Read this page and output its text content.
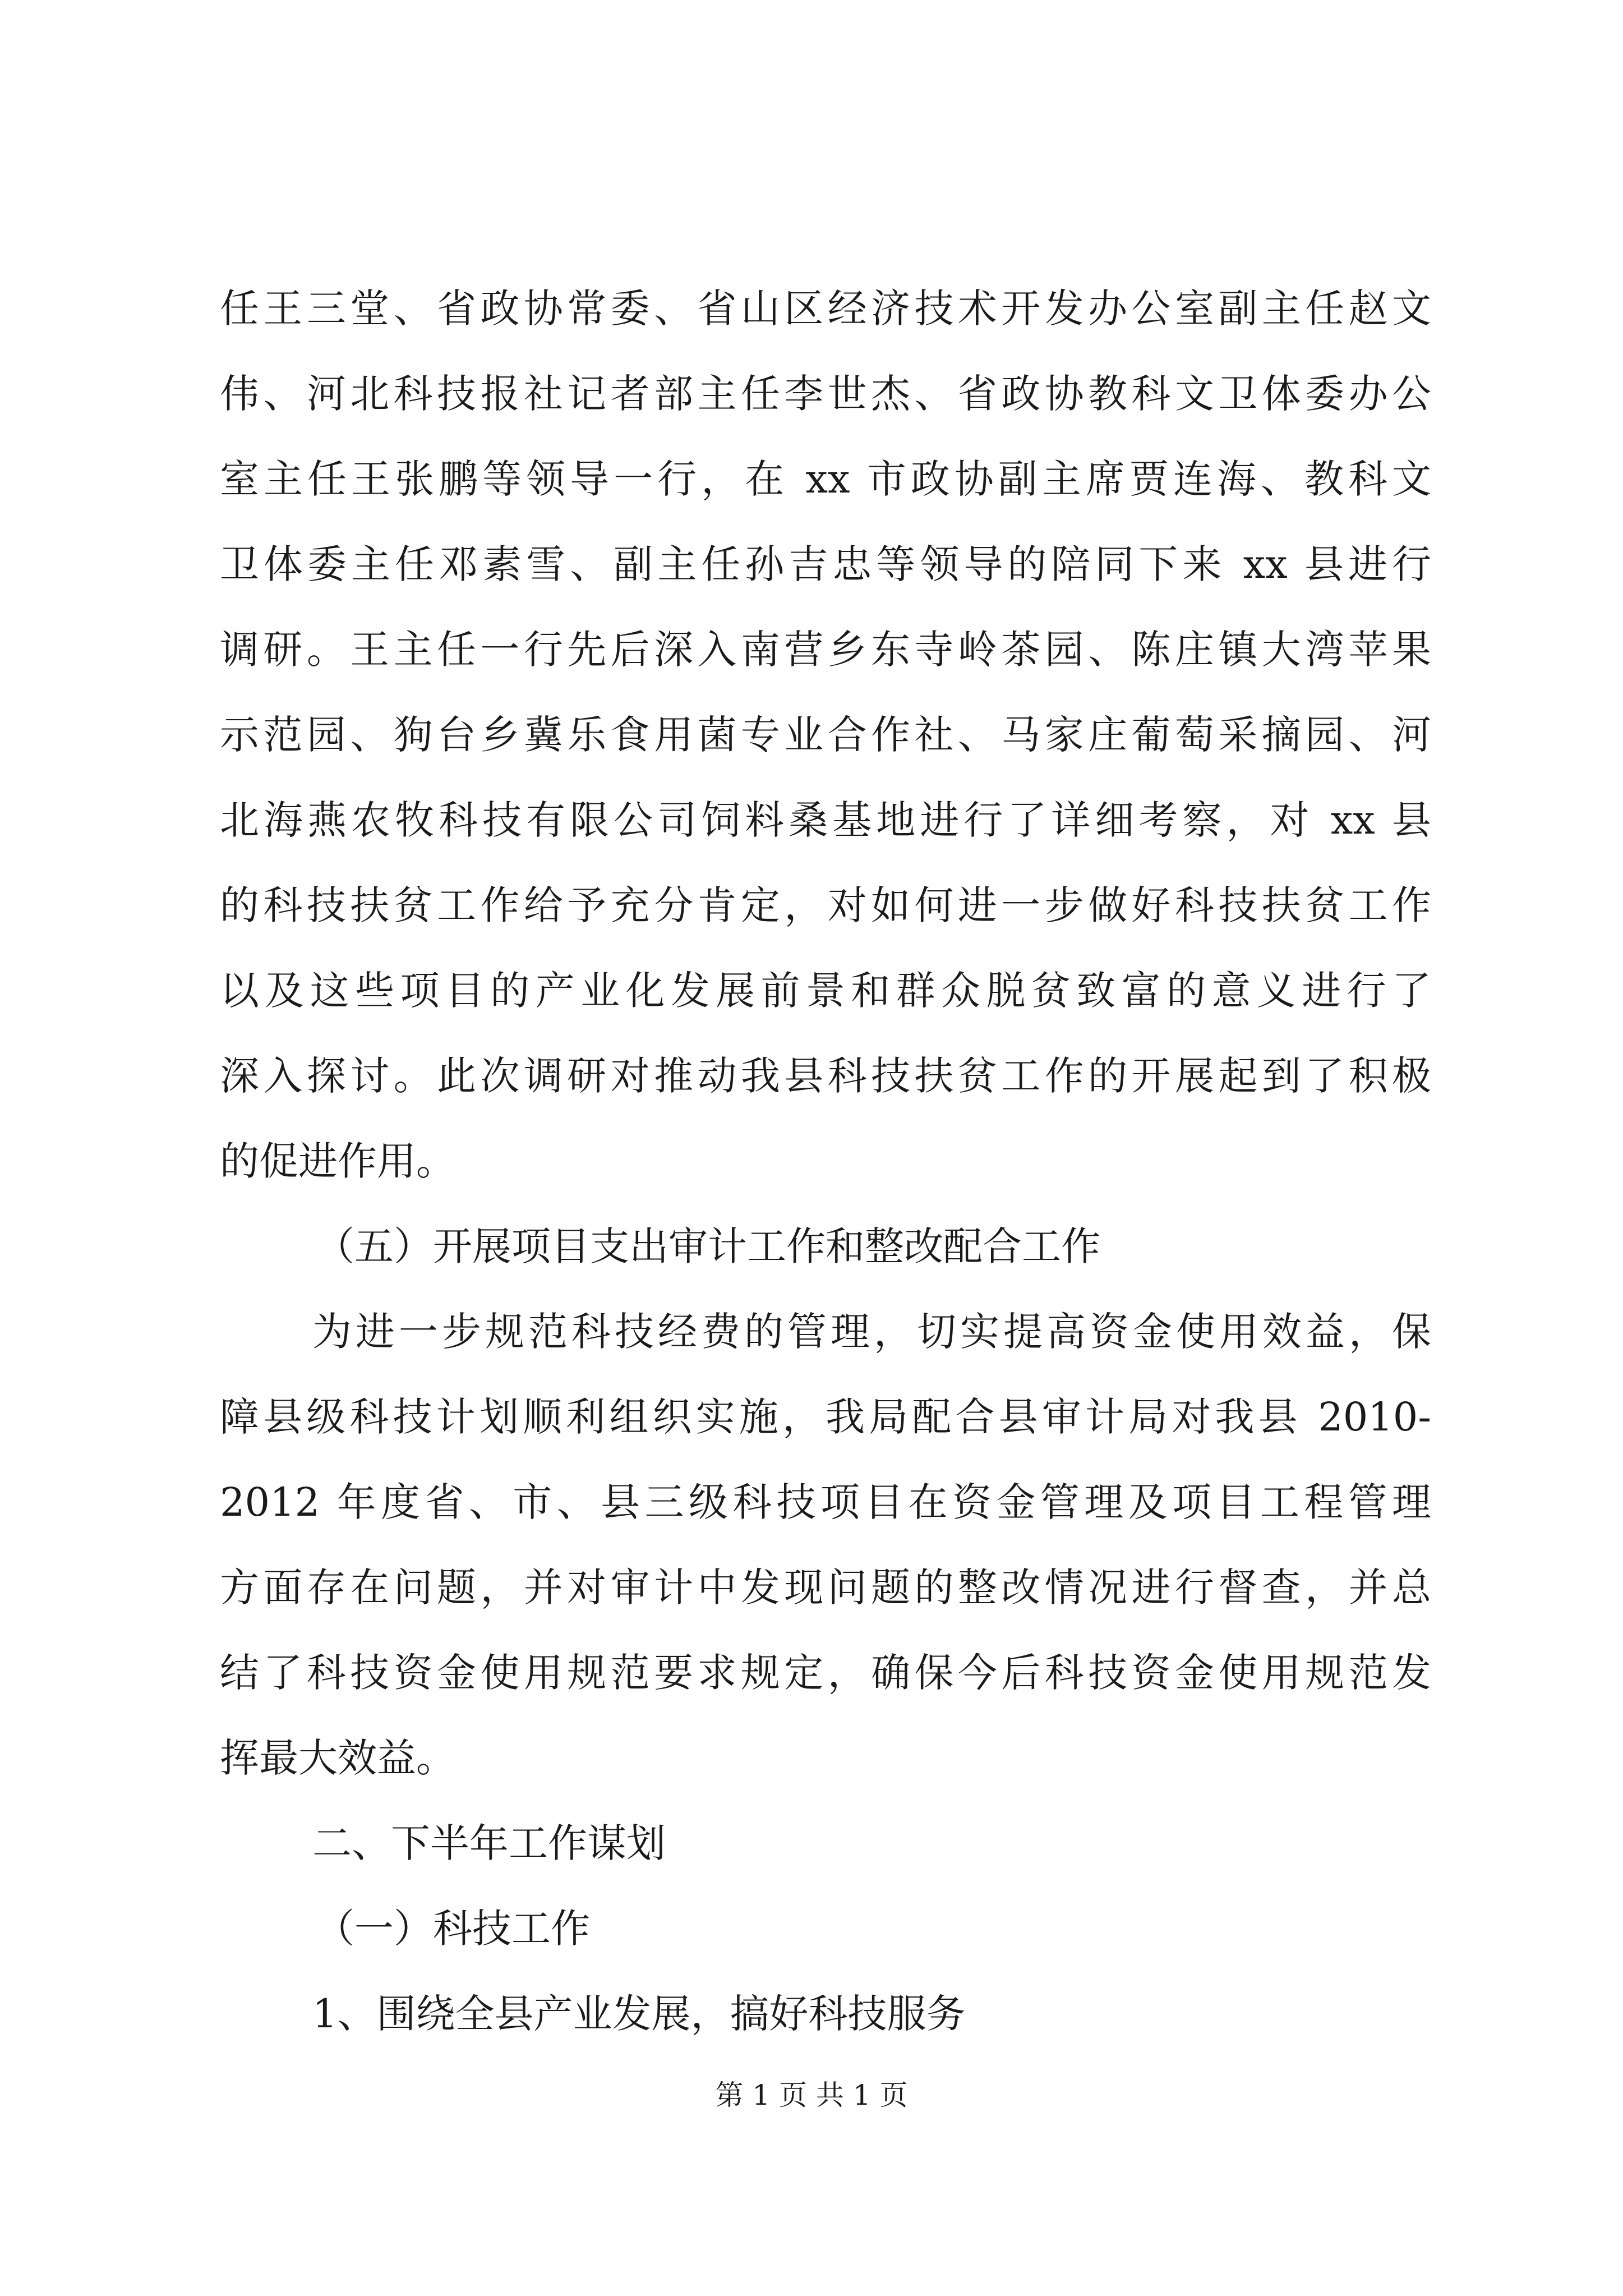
任王三堂、省政协常委、省山区经济技术开发办公室副主任赵文
伟、河北科技报社记者部主任李世杰、省政协教科文卫体委办公
室主任王张鹏等领导一行，在 xx 市政协副主席贾连海、教科文
卫体委主任邓素雪、副主任孙吉忠等领导的陪同下来 xx 县进行
调研。王主任一行先后深入南营乡东寺岭茶园、陈庄镇大湾苹果
示范园、狗台乡冀乐食用菌专业合作社、马家庄葡萄采摘园、河
北海燕农牧科技有限公司饲料桑基地进行了详细考察，对 xx 县
的科技扶贫工作给予充分肯定，对如何进一步做好科技扶贫工作
以及这些项目的产业化发展前景和群众脱贫致富的意义进行了
深入探讨。此次调研对推动我县科技扶贫工作的开展起到了积极
的促进作用。
（五）开展项目支出审计工作和整改配合工作
为进一步规范科技经费的管理，切实提高资金使用效益，保
障县级科技计划顺利组织实施，我局配合县审计局对我县 2010-
2012 年度省、市、县三级科技项目在资金管理及项目工程管理
方面存在问题，并对审计中发现问题的整改情况进行督查，并总
结了科技资金使用规范要求规定，确保今后科技资金使用规范发
挥最大效益。
二、下半年工作谋划
（一）科技工作
1、围绕全县产业发展，搞好科技服务
第 1 页 共 1 页
